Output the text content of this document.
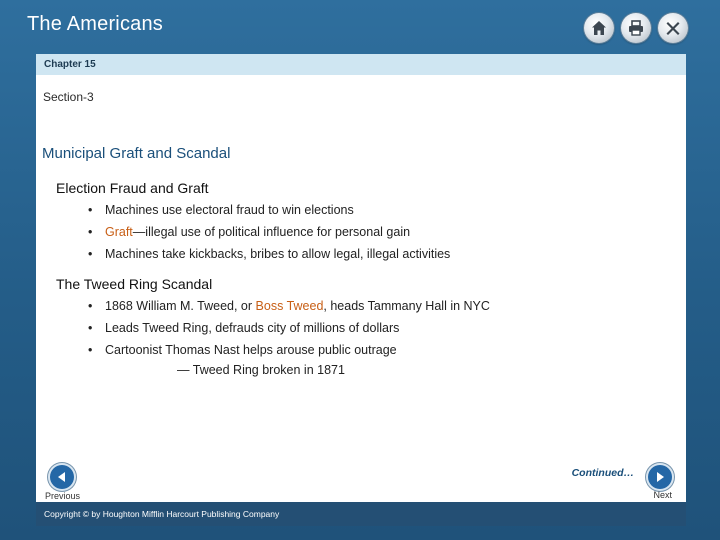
The Americans
Chapter 15
Section-3
Municipal Graft and Scandal
Election Fraud and Graft
• Machines use electoral fraud to win elections
• Graft—illegal use of political influence for personal gain
• Machines take kickbacks, bribes to allow legal, illegal activities
The Tweed Ring Scandal
• 1868 William M. Tweed, or Boss Tweed, heads Tammany Hall in NYC
• Leads Tweed Ring, defrauds city of millions of dollars
• Cartoonist Thomas Nast helps arouse public outrage
— Tweed Ring broken in 1871
Continued…
Previous	Next
Copyright © by Houghton Mifflin Harcourt Publishing Company
